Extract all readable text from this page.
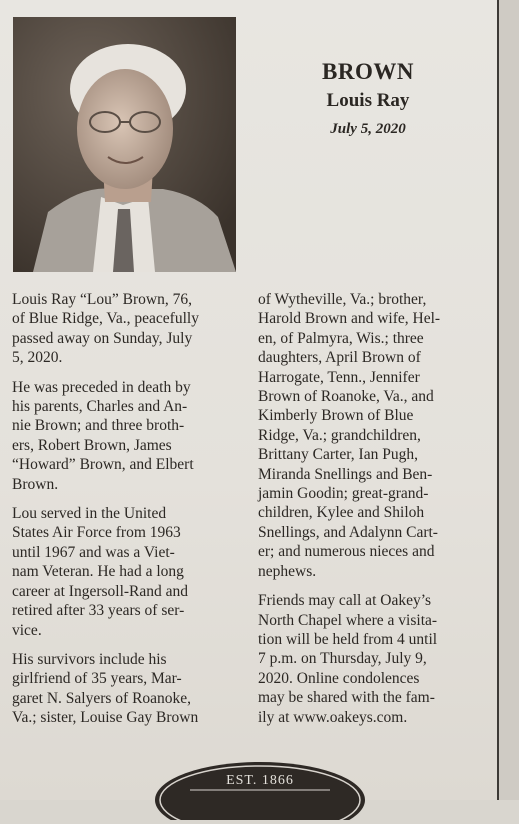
BROWN
Louis Ray
July 5, 2020

Louis Ray “Lou” Brown, 76,
of Blue Ridge, Va., peacefully
passed away on Sunday, July
5, 2020.

He was preceded in death by
his parents, Charles and An-
nie Brown; and three broth-
ers, Robert Brown, James
“Howard” Brown, and Elbert
Brown.

Lou served in the United
States Air Force from 1963
until 1967 and was a Viet-
nam Veteran. He had a long
career at Ingersoll-Rand and
retired after 33 years of ser-
vice.

His survivors include his
girlfriend of 35 years, Mar-
garet N. Salyers of Roanoke,
Va.; sister, Louise Gay Brown

of Wytheville, Va.; brother,
Harold Brown and wife, Hel-
en, of Palmyra, Wis.; three
daughters, April Brown of
Harrogate, Tenn., Jennifer
Brown of Roanoke, Va., and
Kimberly Brown of Blue
Ridge, Va.; grandchildren,
Brittany Carter, Ian Pugh,
Miranda Snellings and Ben-
jamin Goodin; great-grand-
children, Kylee and Shiloh
Snellings, and Adalynn Cart-
er; and numerous nieces and
nephews.

Friends may call at Oakey’s
North Chapel where a visita-
tion will be held from 4 until
7 p.m. on Thursday, July 9,
2020. Online condolences
may be shared with the fam-
ily at www.oakeys.com.

EST. 1866
